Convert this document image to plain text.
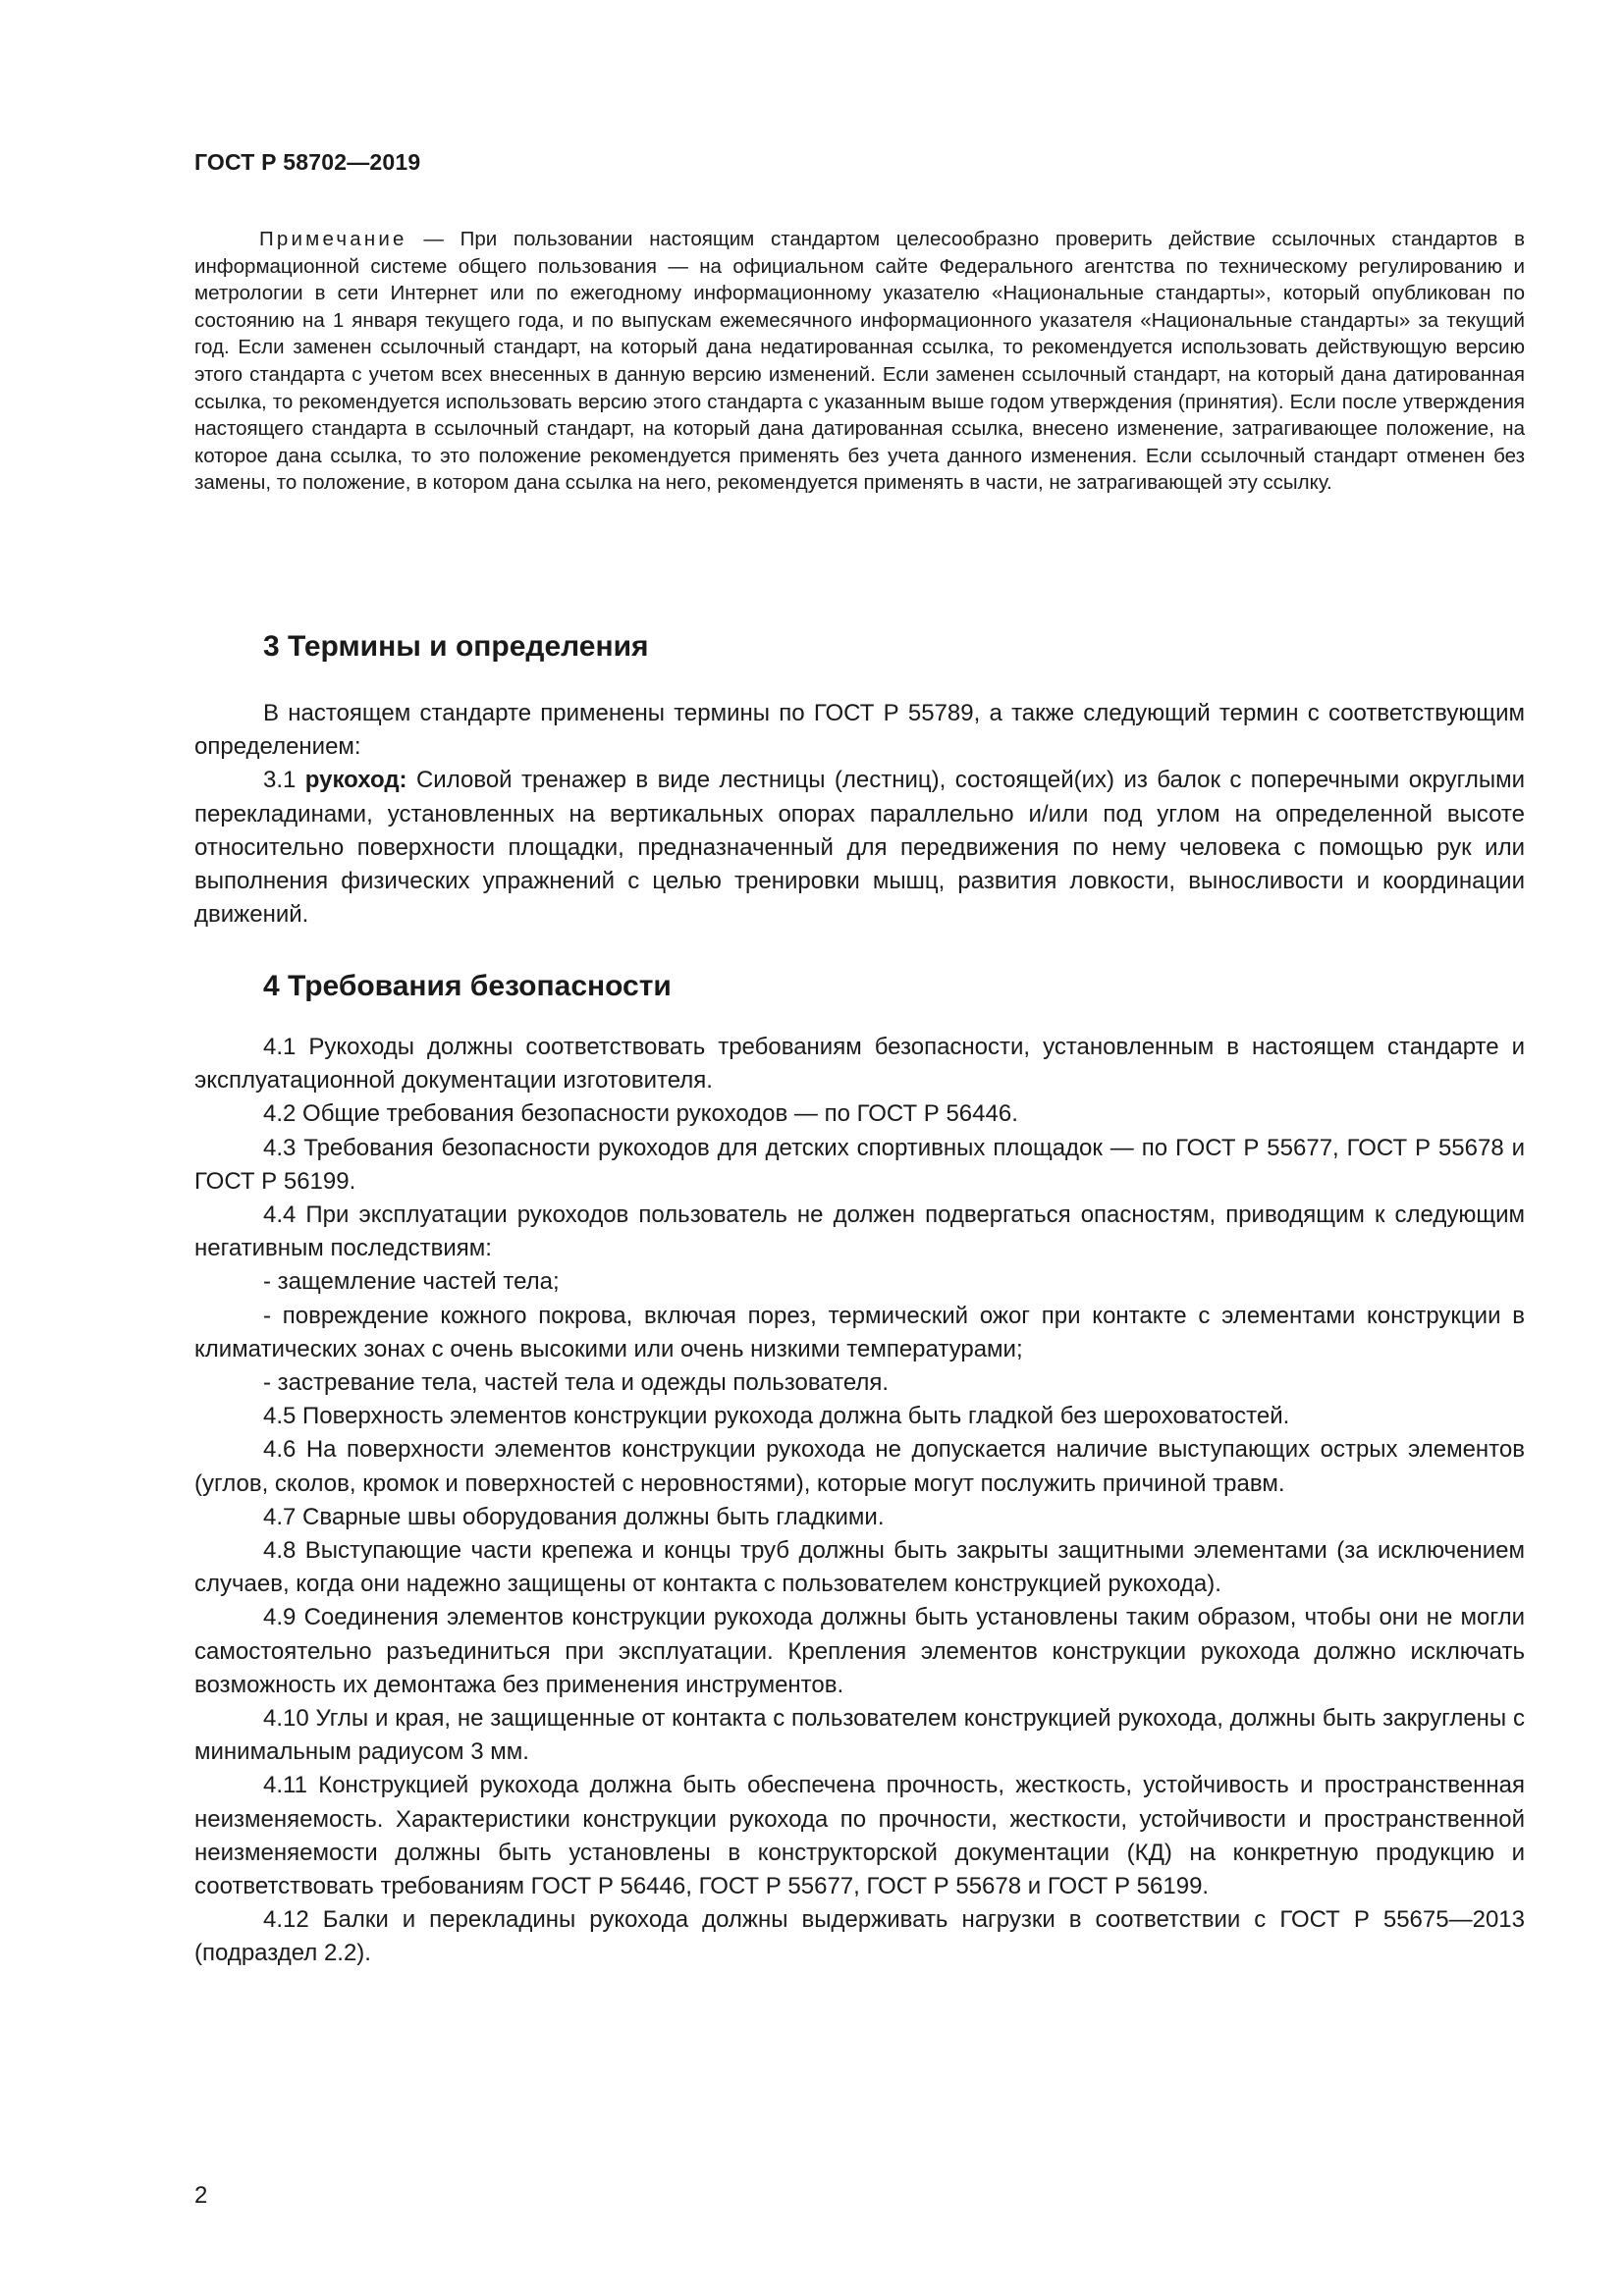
ГОСТ Р 58702—2019

Примечание — При пользовании настоящим стандартом целесообразно проверить действие ссылочных стандартов в информационной системе общего пользования — на официальном сайте Федерального агентства по техническому регулированию и метрологии в сети Интернет или по ежегодному информационному указателю «Национальные стандарты», который опубликован по состоянию на 1 января текущего года, и по выпускам ежемесячного информационного указателя «Национальные стандарты» за текущий год. Если заменен ссылочный стандарт, на который дана недатированная ссылка, то рекомендуется использовать действующую версию этого стандарта с учетом всех внесенных в данную версию изменений. Если заменен ссылочный стандарт, на который дана датированная ссылка, то рекомендуется использовать версию этого стандарта с указанным выше годом утверждения (принятия). Если после утверждения настоящего стандарта в ссылочный стандарт, на который дана датированная ссылка, внесено изменение, затрагивающее положение, на которое дана ссылка, то это положение рекомендуется применять без учета данного изменения. Если ссылочный стандарт отменен без замены, то положение, в котором дана ссылка на него, рекомендуется применять в части, не затрагивающей эту ссылку.

3 Термины и определения

В настоящем стандарте применены термины по ГОСТ Р 55789, а также следующий термин с соответствующим определением:

3.1 рукоход: Силовой тренажер в виде лестницы (лестниц), состоящей(их) из балок с поперечными округлыми перекладинами, установленных на вертикальных опорах параллельно и/или под углом на определенной высоте относительно поверхности площадки, предназначенный для передвижения по нему человека с помощью рук или выполнения физических упражнений с целью тренировки мышц, развития ловкости, выносливости и координации движений.

4 Требования безопасности

4.1 Рукоходы должны соответствовать требованиям безопасности, установленным в настоящем стандарте и эксплуатационной документации изготовителя.

4.2 Общие требования безопасности рукоходов — по ГОСТ Р 56446.

4.3 Требования безопасности рукоходов для детских спортивных площадок — по ГОСТ Р 55677, ГОСТ Р 55678 и ГОСТ Р 56199.

4.4 При эксплуатации рукоходов пользователь не должен подвергаться опасностям, приводящим к следующим негативным последствиям:

- защемление частей тела;

- повреждение кожного покрова, включая порез, термический ожог при контакте с элементами конструкции в климатических зонах с очень высокими или очень низкими температурами;

- застревание тела, частей тела и одежды пользователя.

4.5 Поверхность элементов конструкции рукохода должна быть гладкой без шероховатостей.

4.6 На поверхности элементов конструкции рукохода не допускается наличие выступающих острых элементов (углов, сколов, кромок и поверхностей с неровностями), которые могут послужить причиной травм.

4.7 Сварные швы оборудования должны быть гладкими.

4.8 Выступающие части крепежа и концы труб должны быть закрыты защитными элементами (за исключением случаев, когда они надежно защищены от контакта с пользователем конструкцией рукохода).

4.9 Соединения элементов конструкции рукохода должны быть установлены таким образом, чтобы они не могли самостоятельно разъединиться при эксплуатации. Крепления элементов конструкции рукохода должно исключать возможность их демонтажа без применения инструментов.

4.10 Углы и края, не защищенные от контакта с пользователем конструкцией рукохода, должны быть закруглены с минимальным радиусом 3 мм.

4.11 Конструкцией рукохода должна быть обеспечена прочность, жесткость, устойчивость и пространственная неизменяемость. Характеристики конструкции рукохода по прочности, жесткости, устойчивости и пространственной неизменяемости должны быть установлены в конструкторской документации (КД) на конкретную продукцию и соответствовать требованиям ГОСТ Р 56446, ГОСТ Р 55677, ГОСТ Р 55678 и ГОСТ Р 56199.

4.12 Балки и перекладины рукохода должны выдерживать нагрузки в соответствии с ГОСТ Р 55675—2013 (подраздел 2.2).

2
